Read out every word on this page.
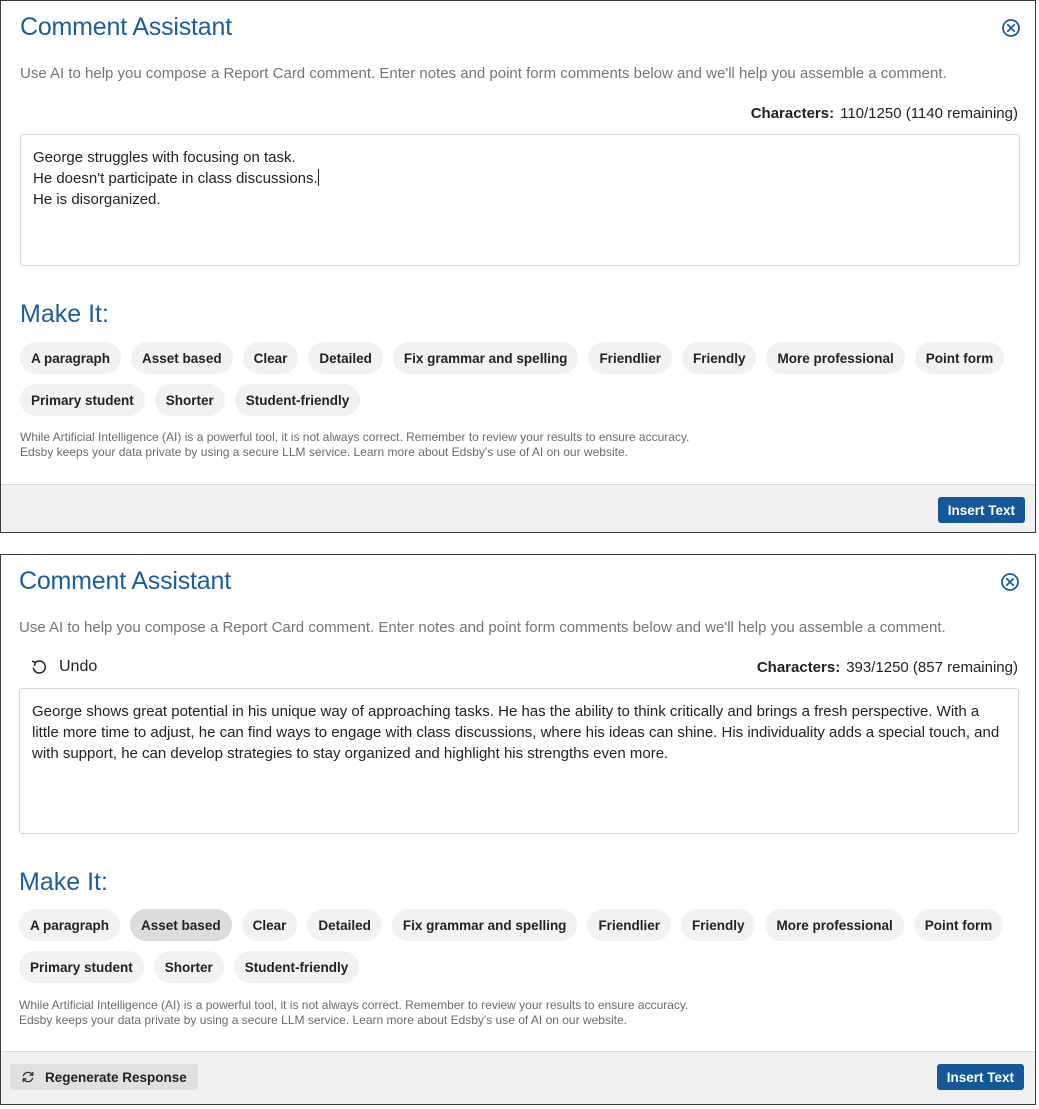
Comment Assistant
Use AI to help you compose a Report Card comment. Enter notes and point form comments below and we'll help you assemble a comment.
Characters: 110/1250 (1140 remaining)
George struggles with focusing on task.
He doesn't participate in class discussions.
He is disorganized.
Make It:
A paragraph	Asset based	Clear	Detailed	Fix grammar and spelling	Friendlier	Friendly	More professional	Point form
Primary student	Shorter	Student-friendly
While Artificial Intelligence (AI) is a powerful tool, it is not always correct. Remember to review your results to ensure accuracy.
Edsby keeps your data private by using a secure LLM service. Learn more about Edsby's use of AI on our website.
Insert Text
Comment Assistant
Use AI to help you compose a Report Card comment. Enter notes and point form comments below and we'll help you assemble a comment.
Undo	Characters: 393/1250 (857 remaining)
George shows great potential in his unique way of approaching tasks. He has the ability to think critically and brings a fresh perspective. With a little more time to adjust, he can find ways to engage with class discussions, where his ideas can shine. His individuality adds a special touch, and with support, he can develop strategies to stay organized and highlight his strengths even more.
Make It:
A paragraph	Asset based	Clear	Detailed	Fix grammar and spelling	Friendlier	Friendly	More professional	Point form
Primary student	Shorter	Student-friendly
While Artificial Intelligence (AI) is a powerful tool, it is not always correct. Remember to review your results to ensure accuracy.
Edsby keeps your data private by using a secure LLM service. Learn more about Edsby's use of AI on our website.
Regenerate Response	Insert Text
